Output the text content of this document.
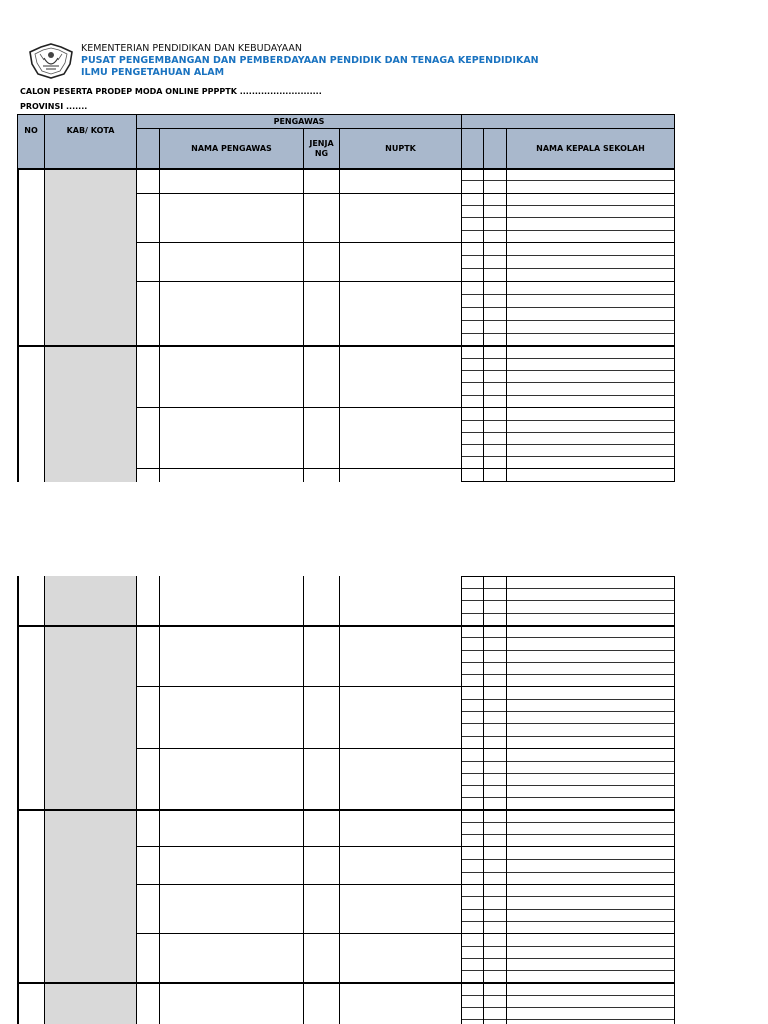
KEMENTERIAN PENDIDIKAN DAN KEBUDAYAAN
PUSAT PENGEMBANGAN DAN PEMBERDAYAAN PENDIDIK DAN TENAGA KEPENDIDIKAN
ILMU PENGETAHUAN ALAM
CALON PESERTA PRODEP MODA ONLINE PPPPTK ...........................
PROVINSI .......
NO	KAB/ KOTA
PENGAWAS
NAMA PENGAWAS
JENJA NG
NUPTK	NAMA KEPALA SEKOLAH
